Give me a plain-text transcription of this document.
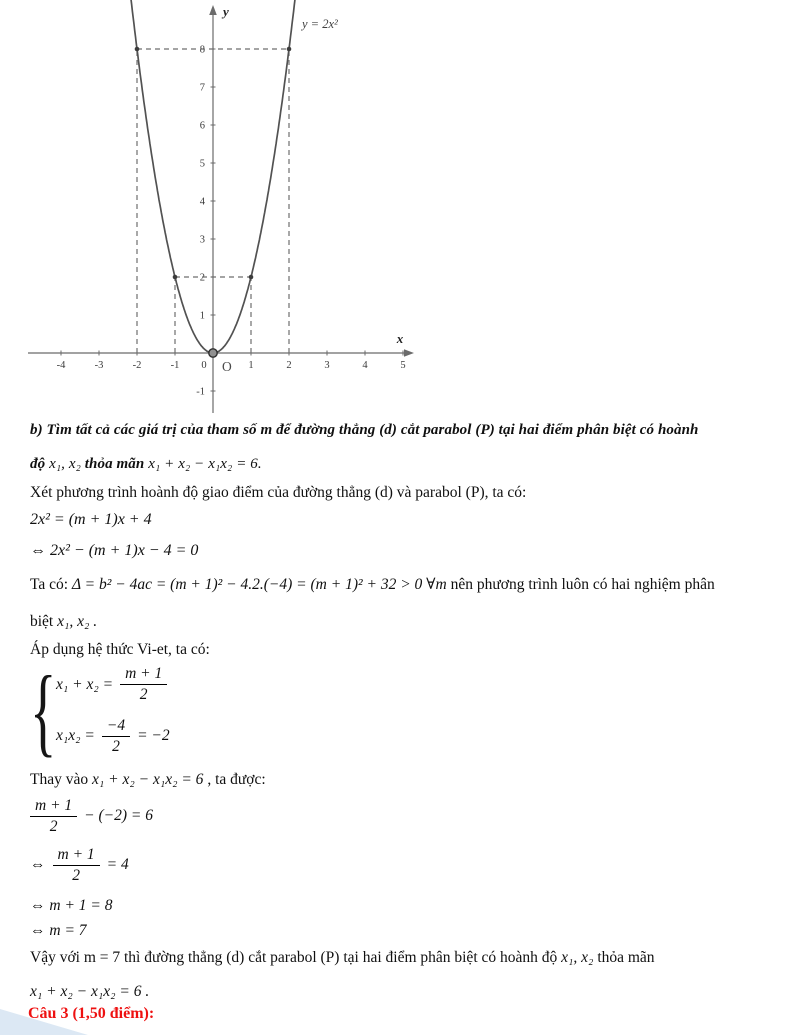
-4	-3	-2	-1 0	1	2	3	4	5
-1
1
2
3
4
5
6
7
8
x
y
O
y = 2x²
b) Tìm tất cả các giá trị của tham số m để đường thẳng (d) cắt parabol (P) tại hai điểm phân biệt có hoành
độ x₁, x₂ thỏa mãn x₁ + x₂ − x₁x₂ = 6.
Xét phương trình hoành độ giao điểm của đường thẳng (d) và parabol (P), ta có:
2x² = (m + 1)x + 4
⇔ 2x² − (m + 1)x − 4 = 0
Ta có: Δ = b² − 4ac = (m + 1)² − 4.2.(−4) = (m + 1)² + 32 > 0 ∀m nên phương trình luôn có hai nghiệm phân
biệt x₁, x₂ .
Áp dụng hệ thức Vi-et, ta có:
{ $x_1 + x_2 = \frac{m + 1}{2}$
$x_1x_2 = \frac{-4}{2} = -2$
Thay vào x₁ + x₂ − x₁x₂ = 6 , ta được:
$\frac{m + 1}{2} - (-2) = 6$
⇔ $\frac{m + 1}{2} = 4$
⇔ m + 1 = 8
⇔ m = 7
Vậy với m = 7 thì đường thẳng (d) cắt parabol (P) tại hai điểm phân biệt có hoành độ x₁, x₂ thỏa mãn
x₁ + x₂ − x₁x₂ = 6 .
Câu 3 (1,50 điểm):
